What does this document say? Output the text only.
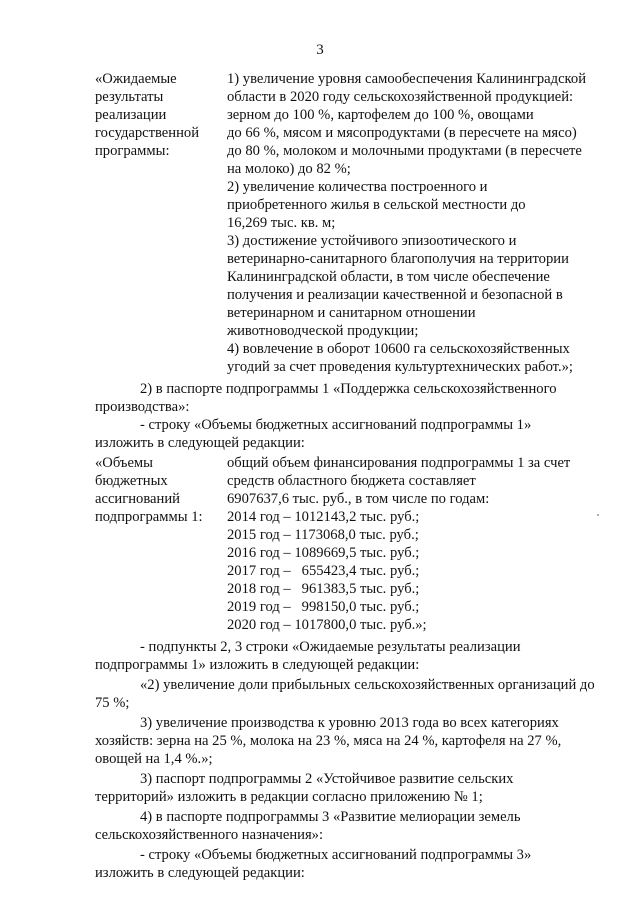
3
«Ожидаемые
результаты
реализации
государственной
программы:
1) увеличение уровня самообеспечения Калининградской
области в 2020 году сельскохозяйственной продукцией:
зерном до 100 %, картофелем до 100 %, овощами
до 66 %, мясом и мясопродуктами (в пересчете на мясо)
до 80 %, молоком и молочными продуктами (в пересчете
на молоко) до 82 %;
2) увеличение количества построенного и
приобретенного жилья в сельской местности до
16,269 тыс. кв. м;
3) достижение устойчивого эпизоотического и
ветеринарно-санитарного благополучия на территории
Калининградской области, в том числе обеспечение
получения и реализации качественной и безопасной в
ветеринарном и санитарном отношении
животноводческой продукции;
4) вовлечение в оборот 10600 га сельскохозяйственных
угодий за счет проведения культуртехнических работ.»;
2) в паспорте подпрограммы 1 «Поддержка сельскохозяйственного
производства»:
- строку «Объемы бюджетных ассигнований подпрограммы 1»
изложить в следующей редакции:
«Объемы
бюджетных
ассигнований
подпрограммы 1:
общий объем финансирования подпрограммы 1 за счет
средств областного бюджета составляет
6907637,6 тыс. руб., в том числе по годам:
2014 год – 1012143,2 тыс. руб.;
2015 год – 1173068,0 тыс. руб.;
2016 год – 1089669,5 тыс. руб.;
2017 год –   655423,4 тыс. руб.;
2018 год –   961383,5 тыс. руб.;
2019 год –   998150,0 тыс. руб.;
2020 год – 1017800,0 тыс. руб.»;
- подпункты 2, 3 строки «Ожидаемые результаты реализации
подпрограммы 1» изложить в следующей редакции:
«2) увеличение доли прибыльных сельскохозяйственных организаций до
75 %;
3) увеличение производства к уровню 2013 года во всех категориях
хозяйств: зерна на 25 %, молока на 23 %, мяса на 24 %, картофеля на 27 %,
овощей на 1,4 %.»;
3) паспорт подпрограммы 2 «Устойчивое развитие сельских
территорий» изложить в редакции согласно приложению № 1;
4) в паспорте подпрограммы 3 «Развитие мелиорации земель
сельскохозяйственного назначения»:
- строку «Объемы бюджетных ассигнований подпрограммы 3»
изложить в следующей редакции:
